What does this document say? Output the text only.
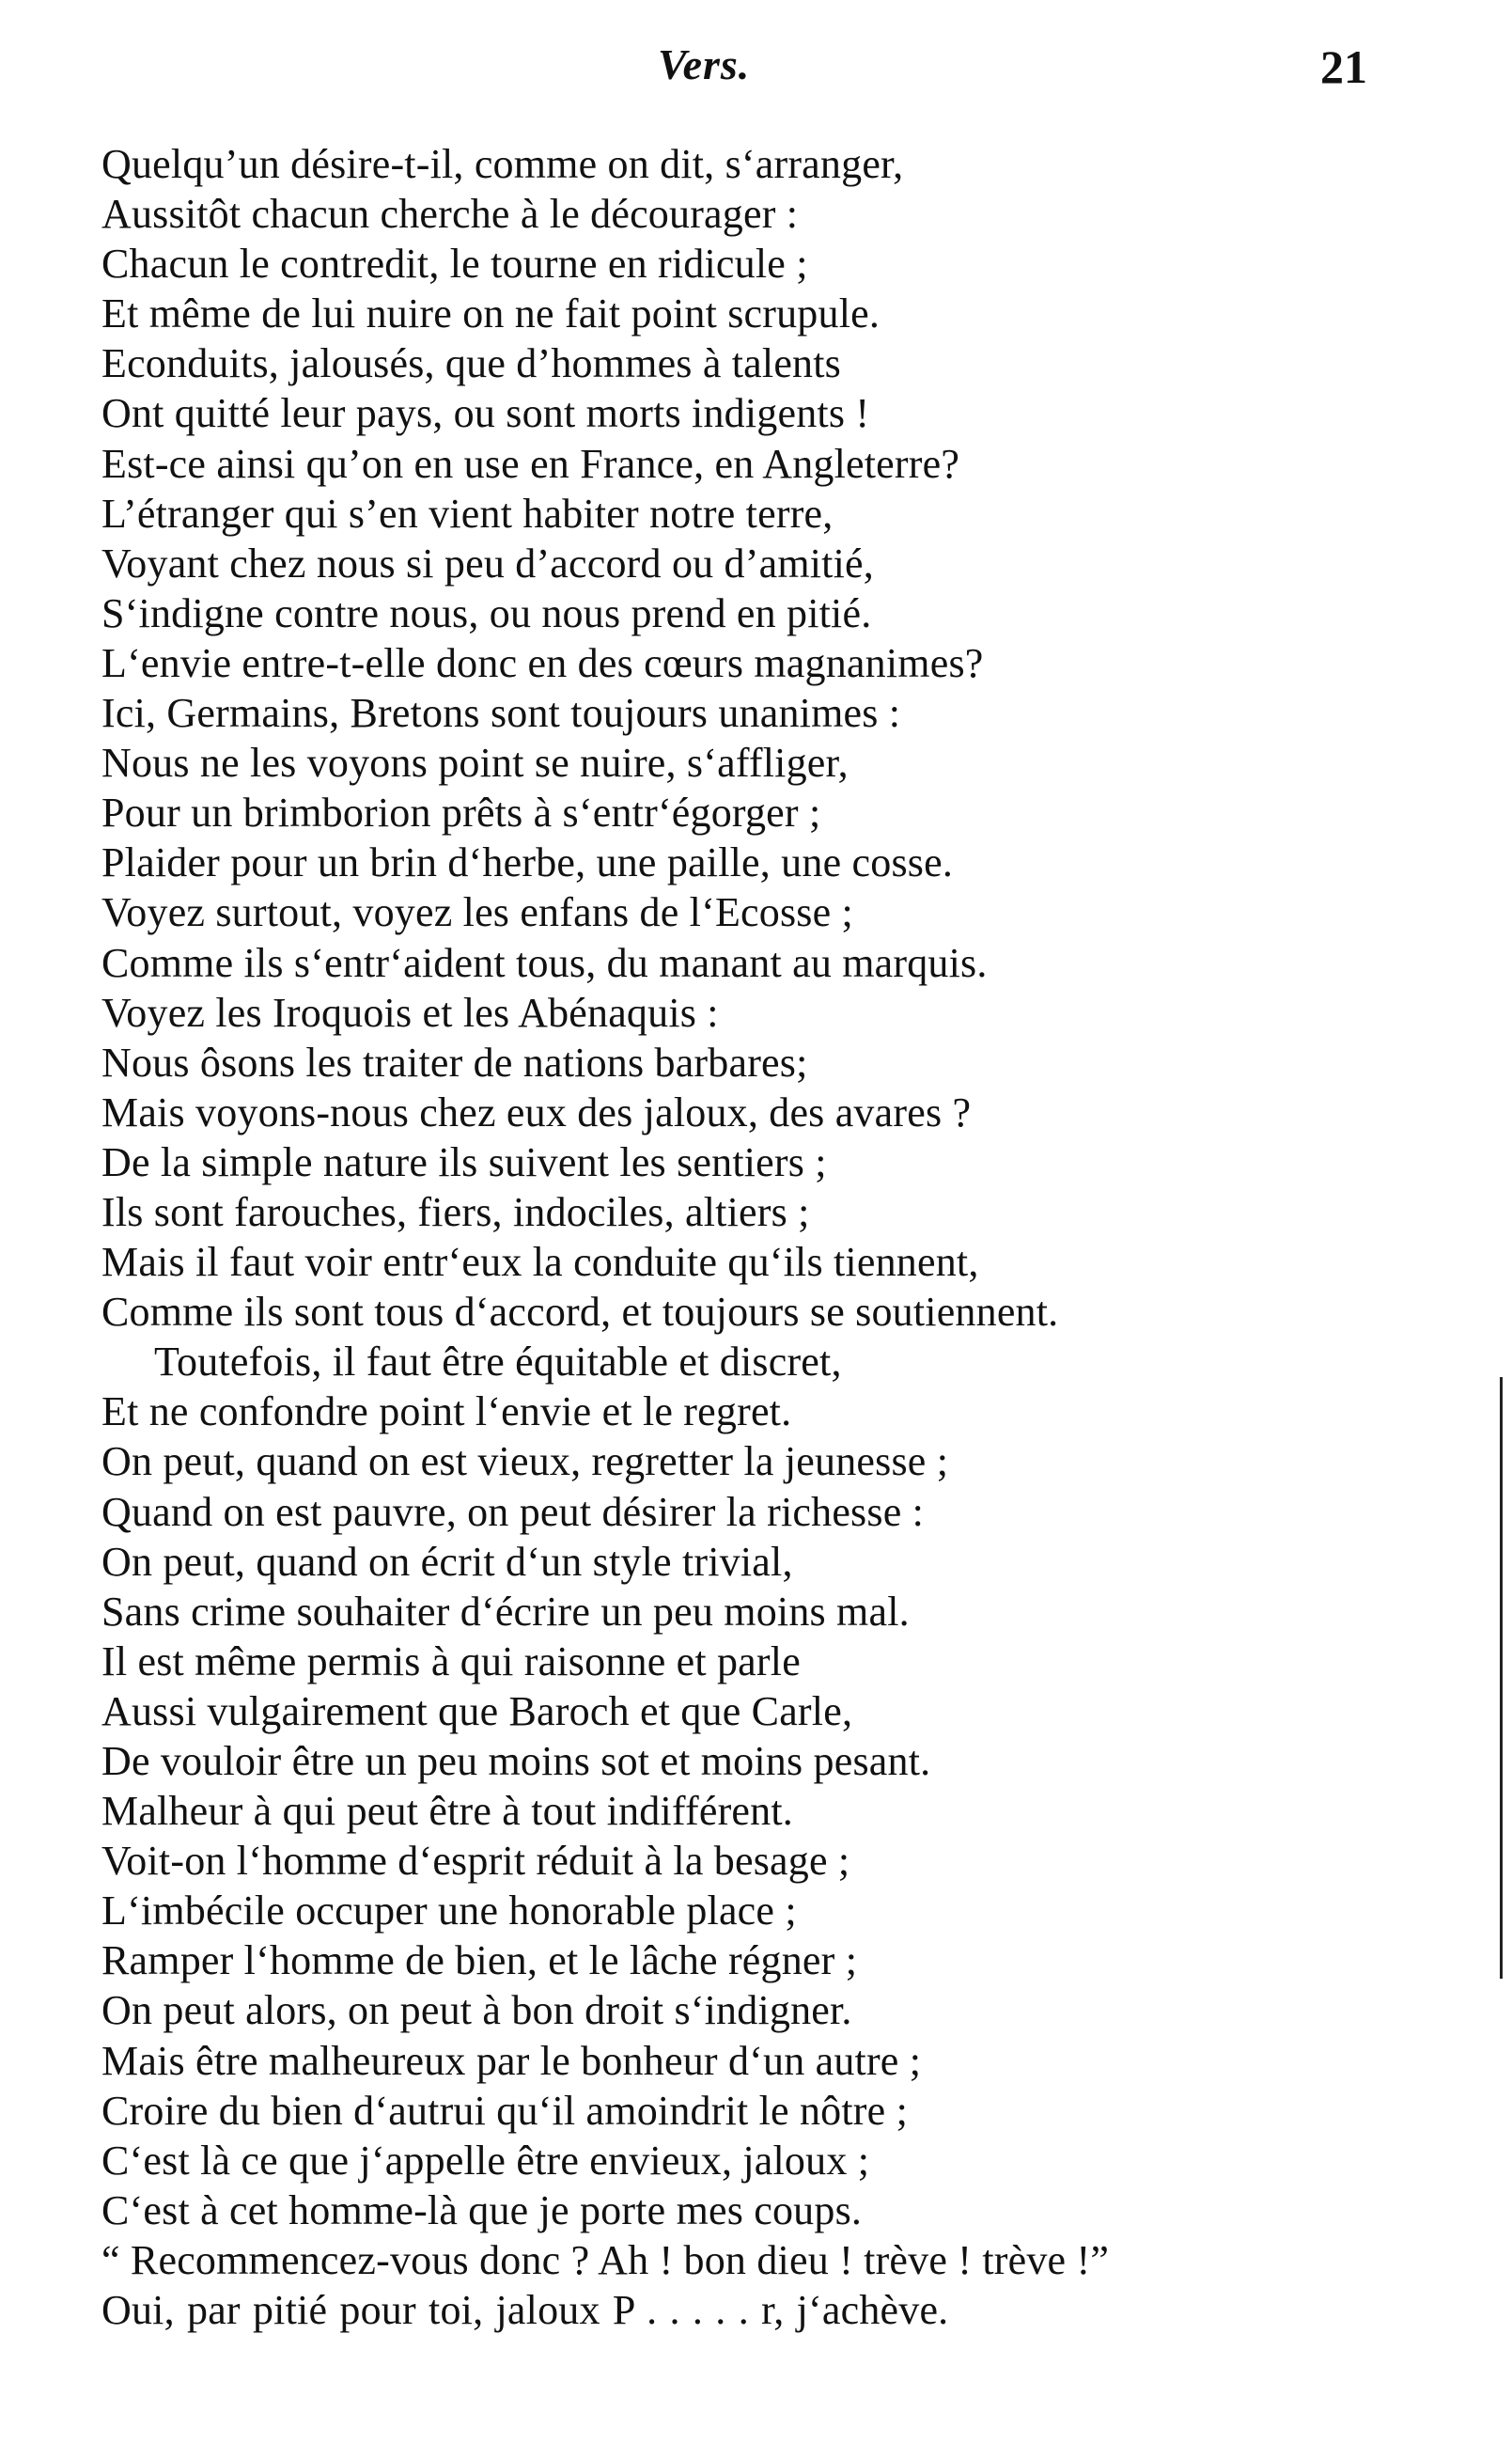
Vers.	21
Quelqu’un désire-t-il, comme on dit, s‘arranger,
Aussitôt chacun cherche à le décourager :
Chacun le contredit, le tourne en ridicule ;
Et même de lui nuire on ne fait point scrupule.
Econduits, jalousés, que d’hommes à talents
Ont quitté leur pays, ou sont morts indigents !
Est-ce ainsi qu’on en use en France, en Angleterre?
L’étranger qui s’en vient habiter notre terre,
Voyant chez nous si peu d’accord ou d’amitié,
S‘indigne contre nous, ou nous prend en pitié.
L‘envie entre-t-elle donc en des cœurs magnanimes?
Ici, Germains, Bretons sont toujours unanimes :
Nous ne les voyons point se nuire, s‘affliger,
Pour un brimborion prêts à s‘entr‘égorger ;
Plaider pour un brin d‘herbe, une paille, une cosse.
Voyez surtout, voyez les enfans de l‘Ecosse ;
Comme ils s‘entr‘aident tous, du manant au marquis.
Voyez les Iroquois et les Abénaquis :
Nous ôsons les traiter de nations barbares;
Mais voyons-nous chez eux des jaloux, des avares ?
De la simple nature ils suivent les sentiers ;
Ils sont farouches, fiers, indociles, altiers ;
Mais il faut voir entr‘eux la conduite qu‘ils tiennent,
Comme ils sont tous d‘accord, et toujours se soutiennent.
Toutefois, il faut être équitable et discret,
Et ne confondre point l‘envie et le regret.
On peut, quand on est vieux, regretter la jeunesse ;
Quand on est pauvre, on peut désirer la richesse :
On peut, quand on écrit d‘un style trivial,
Sans crime souhaiter d‘écrire un peu moins mal.
Il est même permis à qui raisonne et parle
Aussi vulgairement que Baroch et que Carle,
De vouloir être un peu moins sot et moins pesant.
Malheur à qui peut être à tout indifférent.
Voit-on l‘homme d‘esprit réduit à la besage ;
L‘imbécile occuper une honorable place ;
Ramper l‘homme de bien, et le lâche régner ;
On peut alors, on peut à bon droit s‘indigner.
Mais être malheureux par le bonheur d‘un autre ;
Croire du bien d‘autrui qu‘il amoindrit le nôtre ;
C‘est là ce que j‘appelle être envieux, jaloux ;
C‘est à cet homme-là que je porte mes coups.
“ Recommencez-vous donc ? Ah ! bon dieu ! trève ! trève !”
Oui, par pitié pour toi, jaloux P . . . . . r, j‘achève.
